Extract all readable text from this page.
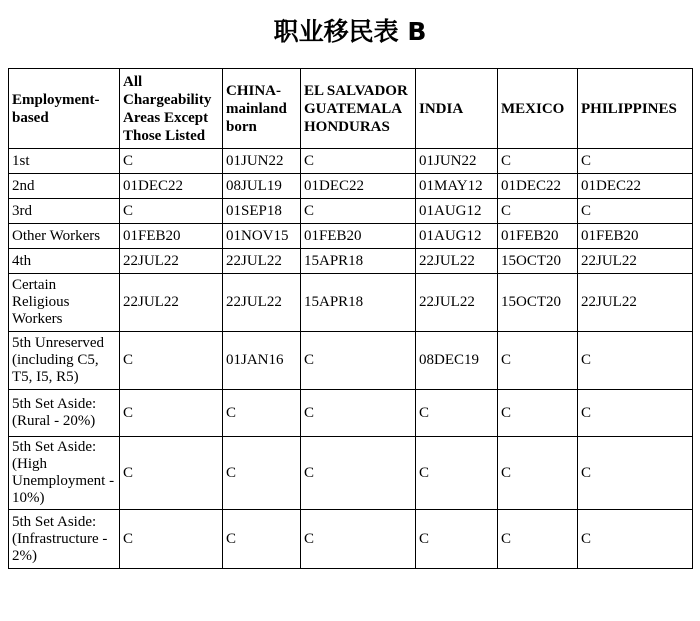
职业移民表 B
Employment-based	All Chargeability Areas Except Those Listed	CHINA-mainland born	EL SALVADOR GUATEMALA HONDURAS	INDIA	MEXICO	PHILIPPINES
1st	C	01JUN22	C	01JUN22	C	C
2nd	01DEC22	08JUL19	01DEC22	01MAY12	01DEC22	01DEC22
3rd	C	01SEP18	C	01AUG12	C	C
Other Workers	01FEB20	01NOV15	01FEB20	01AUG12	01FEB20	01FEB20
4th	22JUL22	22JUL22	15APR18	22JUL22	15OCT20	22JUL22
Certain Religious Workers	22JUL22	22JUL22	15APR18	22JUL22	15OCT20	22JUL22
5th Unreserved (including C5, T5, I5, R5)	C	01JAN16	C	08DEC19	C	C
5th Set Aside: (Rural - 20%)	C	C	C	C	C	C
5th Set Aside: (High Unemployment - 10%)	C	C	C	C	C	C
5th Set Aside: (Infrastructure - 2%)	C	C	C	C	C	C
